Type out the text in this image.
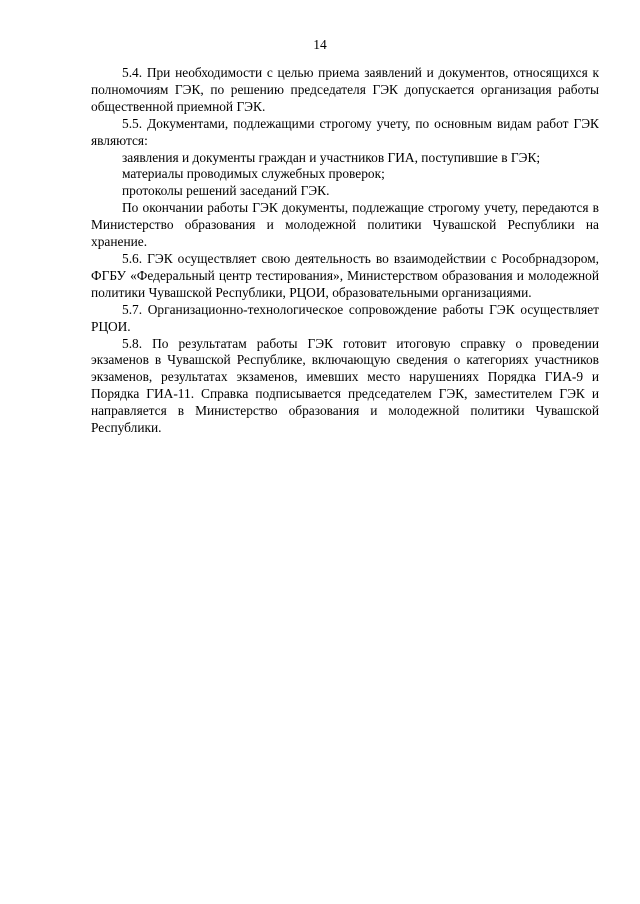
14

5.4. При необходимости с целью приема заявлений и документов, относящихся к полномочиям ГЭК, по решению председателя ГЭК допускается организация работы общественной приемной ГЭК.

5.5. Документами, подлежащими строгому учету, по основным видам работ ГЭК являются:

заявления и документы граждан и участников ГИА, поступившие в ГЭК;

материалы проводимых служебных проверок;

протоколы решений заседаний ГЭК.

По окончании работы ГЭК документы, подлежащие строгому учету, передаются в Министерство образования и молодежной политики Чувашской Республики на хранение.

5.6. ГЭК осуществляет свою деятельность во взаимодействии с Рособрнадзором, ФГБУ «Федеральный центр тестирования», Министерством образования и молодежной политики Чувашской Республики, РЦОИ, образовательными организациями.

5.7. Организационно-технологическое сопровождение работы ГЭК осуществляет РЦОИ.

5.8. По результатам работы ГЭК готовит итоговую справку о проведении экзаменов в Чувашской Республике, включающую сведения о категориях участников экзаменов, результатах экзаменов, имевших место нарушениях Порядка ГИА-9 и Порядка ГИА-11. Справка подписывается председателем ГЭК, заместителем ГЭК и направляется в Министерство образования и молодежной политики Чувашской Республики.
